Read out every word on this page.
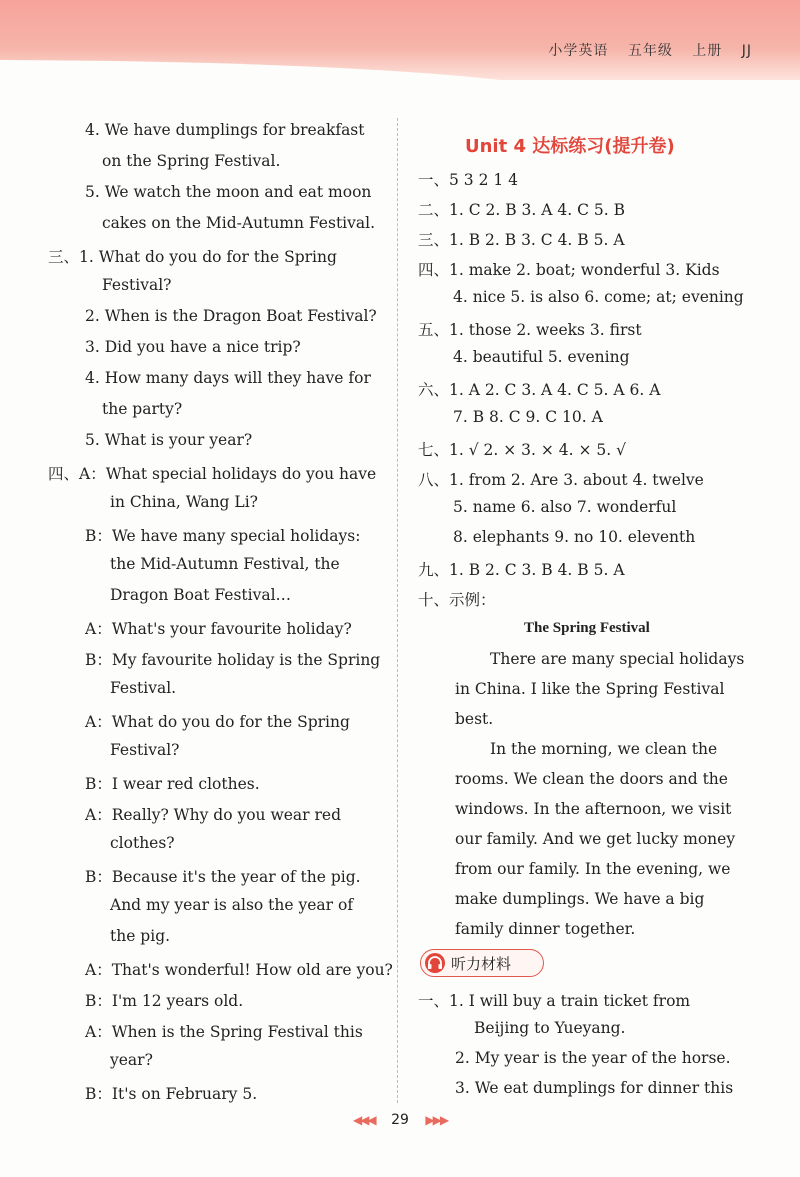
小学英语 五年级 上册 JJ
4. We have dumplings for breakfast
on the Spring Festival.
5. We watch the moon and eat moon
cakes on the Mid-Autumn Festival.
三、1. What do you do for the Spring
Festival?
2. When is the Dragon Boat Festival?
3. Did you have a nice trip?
4. How many days will they have for
the party?
5. What is your year?
四、A：What special holidays do you have
in China, Wang Li?
B：We have many special holidays:
the Mid-Autumn Festival, the
Dragon Boat Festival…
A：What's your favourite holiday?
B：My favourite holiday is the Spring
Festival.
A：What do you do for the Spring
Festival?
B：I wear red clothes.
A：Really? Why do you wear red
clothes?
B：Because it's the year of the pig.
And my year is also the year of
the pig.
A：That's wonderful! How old are you?
B：I'm 12 years old.
A：When is the Spring Festival this
year?
B：It's on February 5.
Unit 4 达标练习(提升卷)
一、5 3 2 1 4
二、1. C 2. B 3. A 4. C 5. B
三、1. B 2. B 3. C 4. B 5. A
四、1. make 2. boat; wonderful 3. Kids
4. nice 5. is also 6. come; at; evening
五、1. those 2. weeks 3. first
4. beautiful 5. evening
六、1. A 2. C 3. A 4. C 5. A 6. A
7. B 8. C 9. C 10. A
七、1. √ 2. × 3. × 4. × 5. √
八、1. from 2. Are 3. about 4. twelve
5. name 6. also 7. wonderful
8. elephants 9. no 10. eleventh
九、1. B 2. C 3. B 4. B 5. A
十、示例：
The Spring Festival
There are many special holidays
in China. I like the Spring Festival
best.
In the morning, we clean the
rooms. We clean the doors and the
windows. In the afternoon, we visit
our family. And we get lucky money
from our family. In the evening, we
make dumplings. We have a big
family dinner together.
听力材料
一、1. I will buy a train ticket from
Beijing to Yueyang.
2. My year is the year of the horse.
3. We eat dumplings for dinner this
◀◀◀ 29 ▶▶▶
